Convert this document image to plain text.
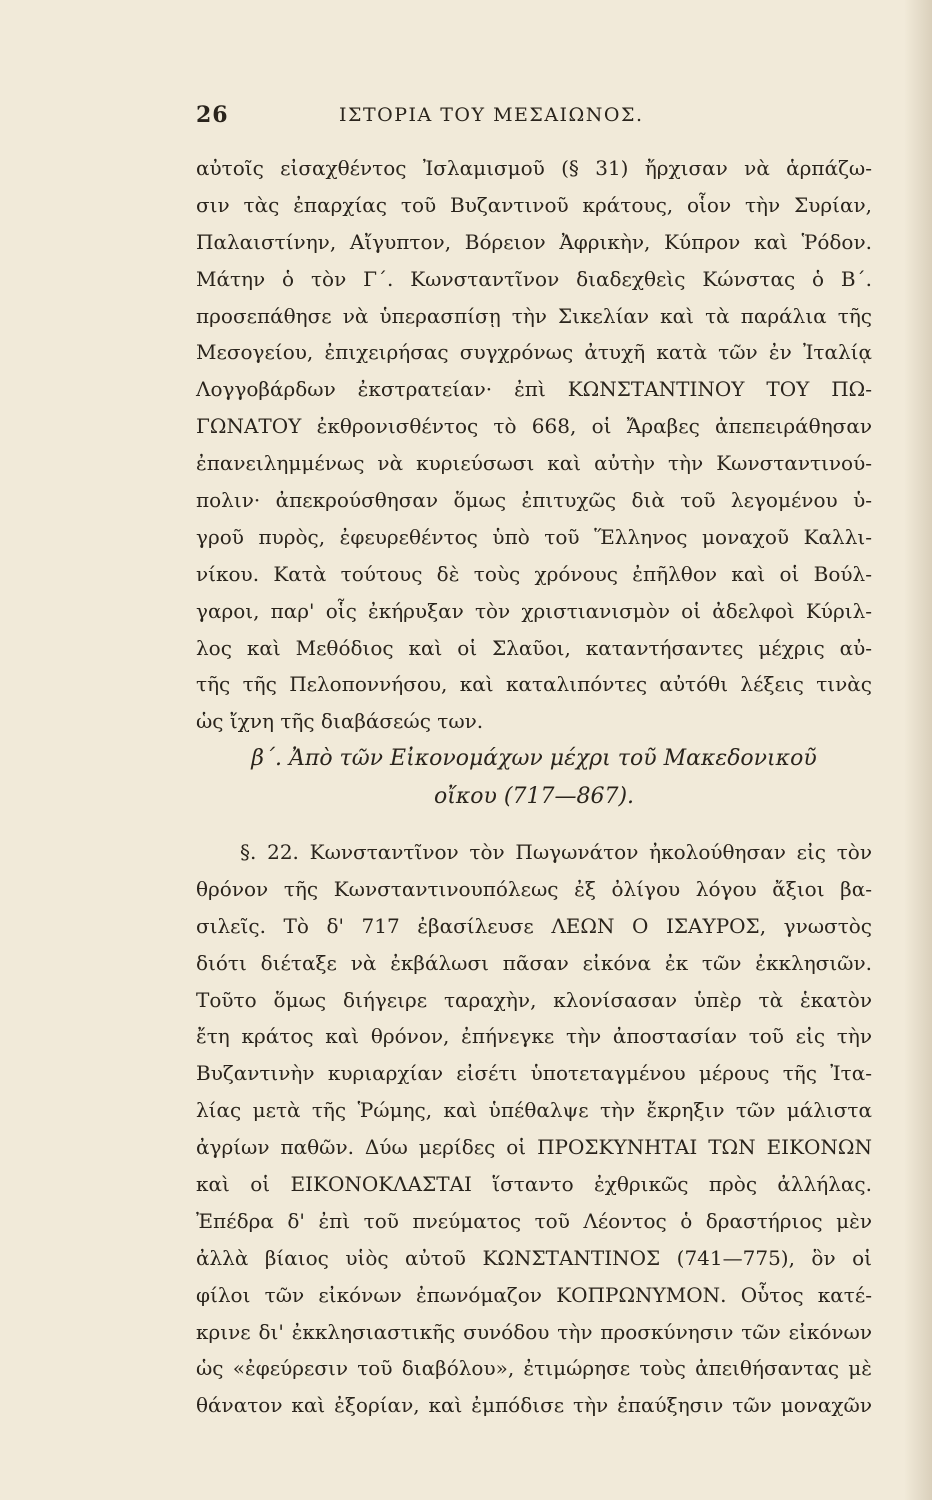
26	ΙΣΤΟΡΙΑ ΤΟΥ ΜΕΣΑΙΩΝΟΣ.
αὐτοῖς εἰσαχθέντος Ἰσλαμισμοῦ (§ 31) ἤρχισαν νὰ ἁρπάζω-
σιν τὰς ἐπαρχίας τοῦ Βυζαντινοῦ κράτους, οἷον τὴν Συρίαν,
Παλαιστίνην, Αἴγυπτον, Βόρειον Ἀφρικὴν, Κύπρον καὶ Ῥόδον.
Μάτην ὁ τὸν Γ΄. Κωνσταντῖνον διαδεχθεὶς Κώνστας ὁ Β΄.
προσεπάθησε νὰ ὑπερασπίσῃ τὴν Σικελίαν καὶ τὰ παράλια τῆς
Μεσογείου, ἐπιχειρήσας συγχρόνως ἀτυχῆ κατὰ τῶν ἐν Ἰταλίᾳ
Λογγοβάρδων ἐκστρατείαν· ἐπὶ ΚΩΝΣΤΑΝΤΙΝΟΥ ΤΟΥ ΠΩ-
ΓΩΝΑΤΟΥ ἐκθρονισθέντος τὸ 668, οἱ Ἄραβες ἀπεπειράθησαν
ἐπανειλημμένως νὰ κυριεύσωσι καὶ αὐτὴν τὴν Κωνσταντινού-
πολιν· ἀπεκρούσθησαν ὅμως ἐπιτυχῶς διὰ τοῦ λεγομένου ὑ-
γροῦ πυρὸς, ἐφευρεθέντος ὑπὸ τοῦ Ἕλληνος μοναχοῦ Καλλι-
νίκου. Κατὰ τούτους δὲ τοὺς χρόνους ἐπῆλθον καὶ οἱ Βούλ-
γαροι, παρ' οἷς ἐκήρυξαν τὸν χριστιανισμὸν οἱ ἀδελφοὶ Κύριλ-
λος καὶ Μεθόδιος καὶ οἱ Σλαῦοι, καταντήσαντες μέχρις αὐ-
τῆς τῆς Πελοποννήσου, καὶ καταλιπόντες αὐτόθι λέξεις τινὰς
ὡς ἴχνη τῆς διαβάσεώς των.
β΄. Ἀπὸ τῶν Εἰκονομάχων μέχρι τοῦ Μακεδονικοῦ
οἴκου (717—867).
§. 22. Κωνσταντῖνον τὸν Πωγωνάτον ἠκολούθησαν εἰς τὸν
θρόνον τῆς Κωνσταντινουπόλεως ἐξ ὀλίγου λόγου ἄξιοι βα-
σιλεῖς. Τὸ δ' 717 ἐβασίλευσε ΛΕΩΝ Ο ΙΣΑΥΡΟΣ, γνωστὸς
διότι διέταξε νὰ ἐκβάλωσι πᾶσαν εἰκόνα ἐκ τῶν ἐκκλησιῶν.
Τοῦτο ὅμως διήγειρε ταραχὴν, κλονίσασαν ὑπὲρ τὰ ἑκατὸν
ἔτη κράτος καὶ θρόνον, ἐπήνεγκε τὴν ἀποστασίαν τοῦ εἰς τὴν
Βυζαντινὴν κυριαρχίαν εἰσέτι ὑποτεταγμένου μέρους τῆς Ἰτα-
λίας μετὰ τῆς Ῥώμης, καὶ ὑπέθαλψε τὴν ἔκρηξιν τῶν μάλιστα
ἀγρίων παθῶν. Δύω μερίδες οἱ ΠΡΟΣΚΥΝΗΤΑΙ ΤΩΝ ΕΙΚΟΝΩΝ
καὶ οἱ ΕΙΚΟΝΟΚΛΑΣΤΑΙ ἵσταντο ἐχθρικῶς πρὸς ἀλλήλας.
Ἐπέδρα δ' ἐπὶ τοῦ πνεύματος τοῦ Λέοντος ὁ δραστήριος μὲν
ἀλλὰ βίαιος υἱὸς αὐτοῦ ΚΩΝΣΤΑΝΤΙΝΟΣ (741—775), ὃν οἱ
φίλοι τῶν εἰκόνων ἐπωνόμαζον ΚΟΠΡΩΝΥΜΟΝ. Οὗτος κατέ-
κρινε δι' ἐκκλησιαστικῆς συνόδου τὴν προσκύνησιν τῶν εἰκόνων
ὡς «ἐφεύρεσιν τοῦ διαβόλου», ἐτιμώρησε τοὺς ἀπειθήσαντας μὲ
θάνατον καὶ ἐξορίαν, καὶ ἐμπόδισε τὴν ἐπαύξησιν τῶν μοναχῶν
